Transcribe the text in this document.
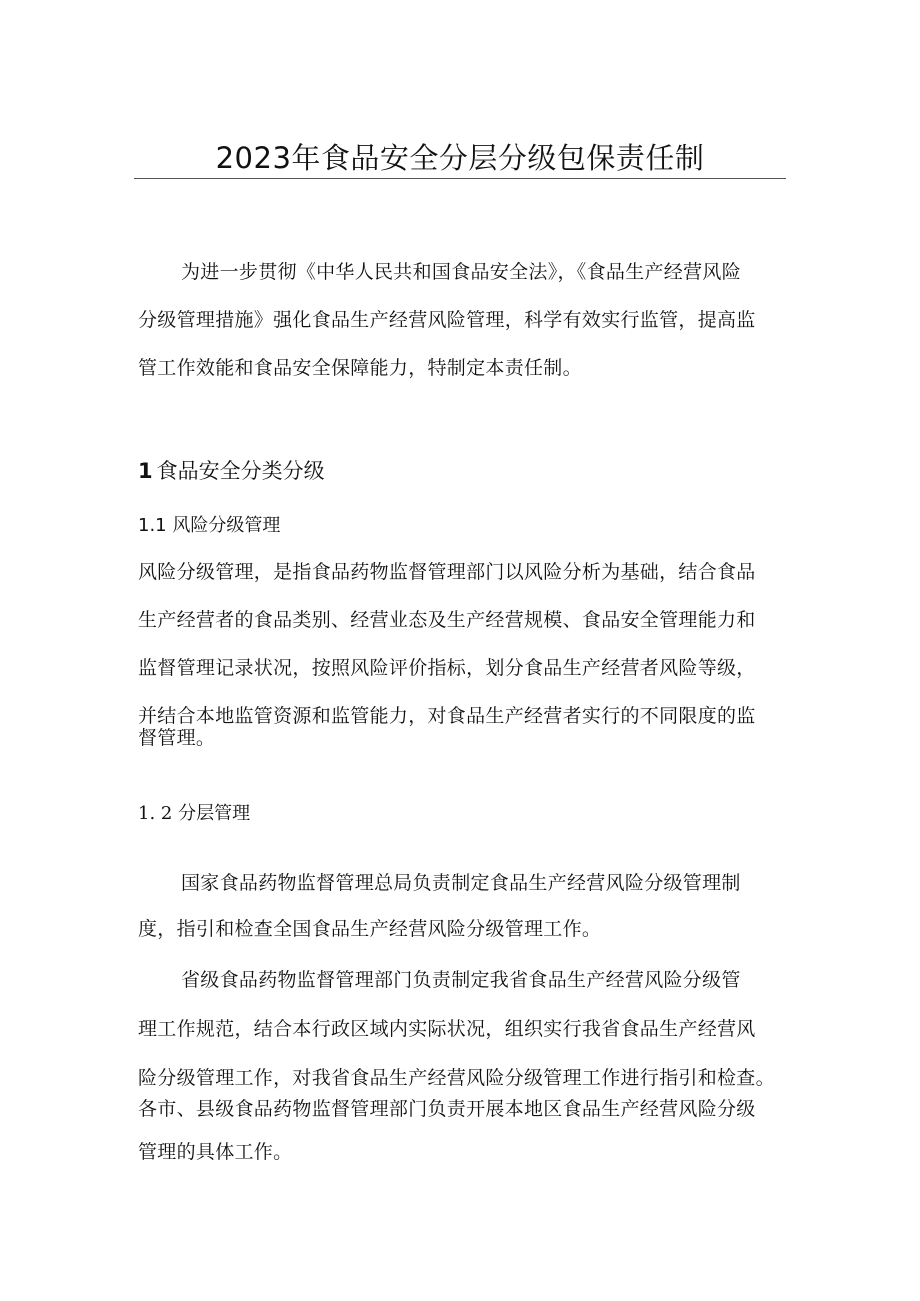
2023年食品安全分层分级包保责任制
为进一步贯彻《中华人民共和国食品安全法》，《食品生产经营风险
分级管理措施》强化食品生产经营风险管理，科学有效实行监管，提高监
管工作效能和食品安全保障能力，特制定本责任制。
1 食品安全分类分级
1.1 风险分级管理
风险分级管理，是指食品药物监督管理部门以风险分析为基础，结合食品
生产经营者的食品类别、经营业态及生产经营规模、食品安全管理能力和
监督管理记录状况，按照风险评价指标，划分食品生产经营者风险等级，
并结合本地监管资源和监管能力，对食品生产经营者实行的不同限度的监
督管理。
1. 2 分层管理
国家食品药物监督管理总局负责制定食品生产经营风险分级管理制
度，指引和检查全国食品生产经营风险分级管理工作。
省级食品药物监督管理部门负责制定我省食品生产经营风险分级管
理工作规范，结合本行政区域内实际状况，组织实行我省食品生产经营风
险分级管理工作，对我省食品生产经营风险分级管理工作进行指引和检查。
各市、县级食品药物监督管理部门负责开展本地区食品生产经营风险分级
管理的具体工作。
